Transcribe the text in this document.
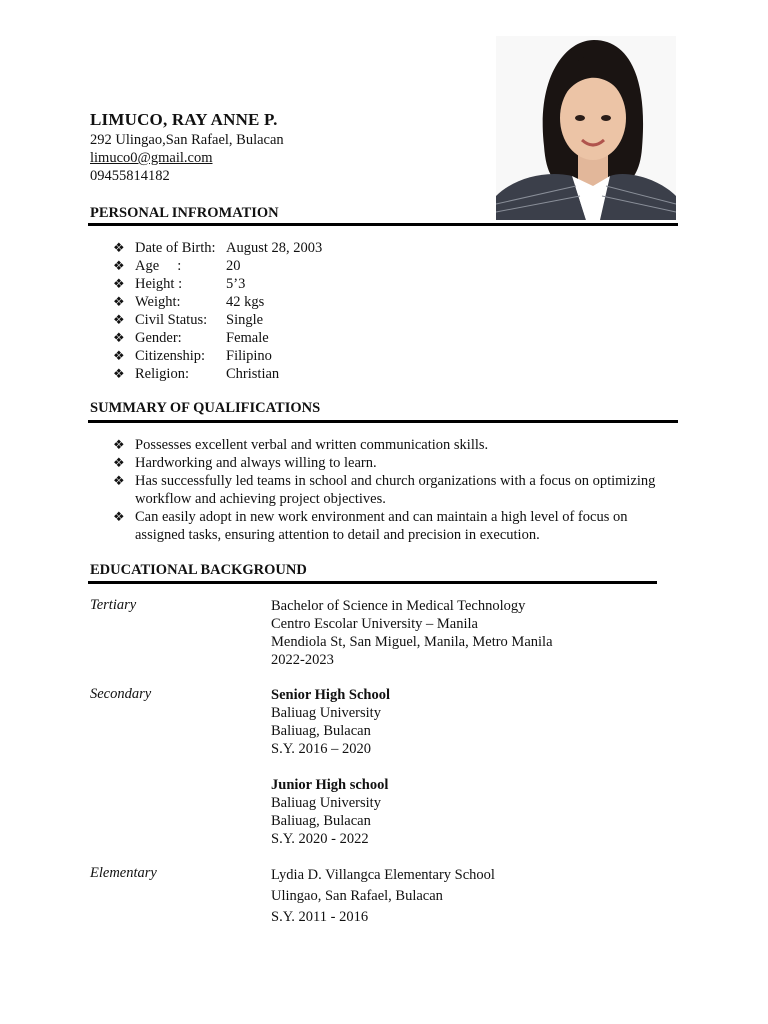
LIMUCO, RAY ANNE P.
292 Ulingao,San Rafael, Bulacan
limuco0@gmail.com
09455814182
PERSONAL INFROMATION
❖ Date of Birth: August 28, 2003
❖ Age     :	20
❖ Height :	5’3
❖ Weight:	42 kgs
❖ Civil Status:	Single
❖ Gender:	Female
❖ Citizenship:	Filipino
❖ Religion:	Christian
SUMMARY OF QUALIFICATIONS
❖ Possesses excellent verbal and written communication skills.
❖ Hardworking and always willing to learn.
❖ Has successfully led teams in school and church organizations with a focus on optimizing workflow and achieving project objectives.
❖ Can easily adopt in new work environment and can maintain a high level of focus on assigned tasks, ensuring attention to detail and precision in execution.
EDUCATIONAL BACKGROUND
Tertiary	Bachelor of Science in Medical Technology
Centro Escolar University – Manila
Mendiola St, San Miguel, Manila, Metro Manila
2022-2023
Secondary	Senior High School
Baliuag University
Baliuag, Bulacan
S.Y. 2016 – 2020
Junior High school
Baliuag University
Baliuag, Bulacan
S.Y. 2020 - 2022
Elementary	Lydia D. Villangca Elementary School
Ulingao, San Rafael, Bulacan
S.Y. 2011 - 2016
